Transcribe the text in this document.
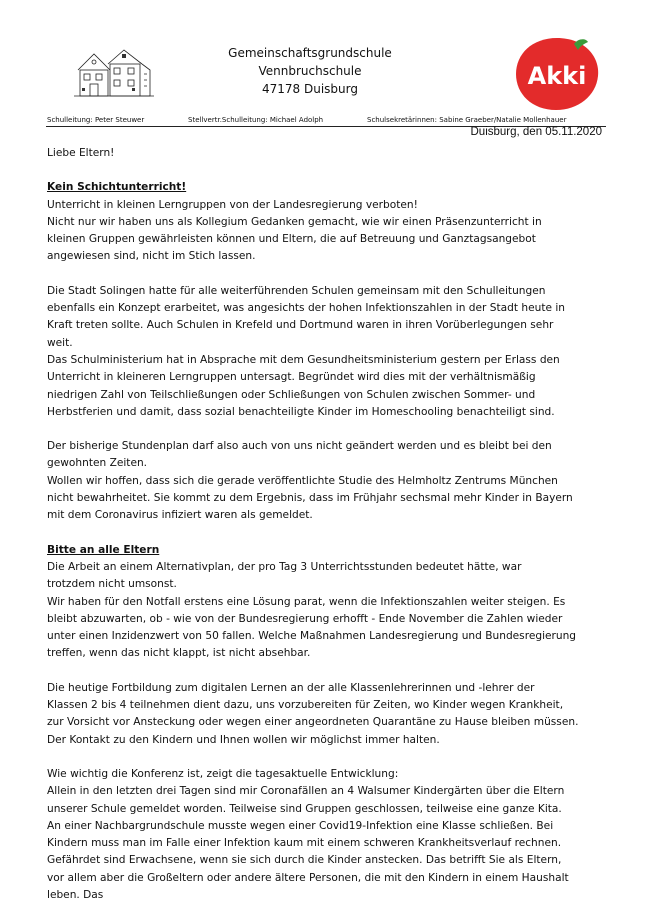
Gemeinschaftsgrundschule
Vennbruchschule
47178 Duisburg	Akki
Schulleitung: Peter Steuwer	Stellvertr.Schulleitung: Michael Adolph	Schulsekretärinnen: Sabine Graeber/Natalie Mollenhauer
Duisburg, den 05.11.2020

Liebe Eltern!

Kein Schichtunterricht!

Unterricht in kleinen Lerngruppen von der Landesregierung verboten!
Nicht nur wir haben uns als Kollegium Gedanken gemacht, wie wir einen Präsenzunterricht in
kleinen Gruppen gewährleisten können und Eltern, die auf Betreuung und Ganztagsangebot
angewiesen sind, nicht im Stich lassen.
Die Stadt Solingen hatte für alle weiterführenden Schulen gemeinsam mit den Schulleitungen
ebenfalls ein Konzept erarbeitet, was angesichts der hohen Infektionszahlen in der Stadt heute in
Kraft treten sollte. Auch Schulen in Krefeld und Dortmund waren in ihren Vorüberlegungen sehr
weit.
Das Schulministerium hat in Absprache mit dem Gesundheitsministerium gestern per Erlass den
Unterricht in kleineren Lerngruppen untersagt. Begründet wird dies mit der verhältnismäßig
niedrigen Zahl von Teilschließungen oder Schließungen von Schulen zwischen Sommer- und
Herbstferien und damit, dass sozial benachteiligte Kinder im Homeschooling benachteiligt sind.
Der bisherige Stundenplan darf also auch von uns nicht geändert werden und es bleibt bei den
gewohnten Zeiten.
Wollen wir hoffen, dass sich die gerade veröffentlichte Studie des Helmholtz Zentrums München
nicht bewahrheitet. Sie kommt zu dem Ergebnis, dass im Frühjahr sechsmal mehr Kinder in Bayern
mit dem Coronavirus infiziert waren als gemeldet.

Bitte an alle Eltern

Die Arbeit an einem Alternativplan, der pro Tag 3 Unterrichtsstunden bedeutet hätte, war
trotzdem nicht umsonst.
Wir haben für den Notfall erstens eine Lösung parat, wenn die Infektionszahlen weiter steigen. Es
bleibt abzuwarten, ob - wie von der Bundesregierung erhofft - Ende November die Zahlen wieder
unter einen Inzidenzwert von 50 fallen. Welche Maßnahmen Landesregierung und Bundesregierung
treffen, wenn das nicht klappt, ist nicht absehbar.
Die heutige Fortbildung zum digitalen Lernen an der alle Klassenlehrerinnen und -lehrer der
Klassen 2 bis 4 teilnehmen dient dazu, uns vorzubereiten für Zeiten, wo Kinder wegen Krankheit,
zur Vorsicht vor Ansteckung oder wegen einer angeordneten Quarantäne zu Hause bleiben müssen.
Der Kontakt zu den Kindern und Ihnen wollen wir möglichst immer halten.
Wie wichtig die Konferenz ist, zeigt die tagesaktuelle Entwicklung:
Allein in den letzten drei Tagen sind mir Coronafällen an 4 Walsumer Kindergärten über die Eltern
unserer Schule gemeldet worden. Teilweise sind Gruppen geschlossen, teilweise eine ganze Kita.
An einer Nachbargrundschule musste wegen einer Covid19-Infektion eine Klasse schließen. Bei
Kindern muss man im Falle einer Infektion kaum mit einem schweren Krankheitsverlauf rechnen.
Gefährdet sind Erwachsene, wenn sie sich durch die Kinder anstecken. Das betrifft Sie als Eltern,
vor allem aber die Großeltern oder andere ältere Personen, die mit den Kindern in einem Haushalt
leben. Das
